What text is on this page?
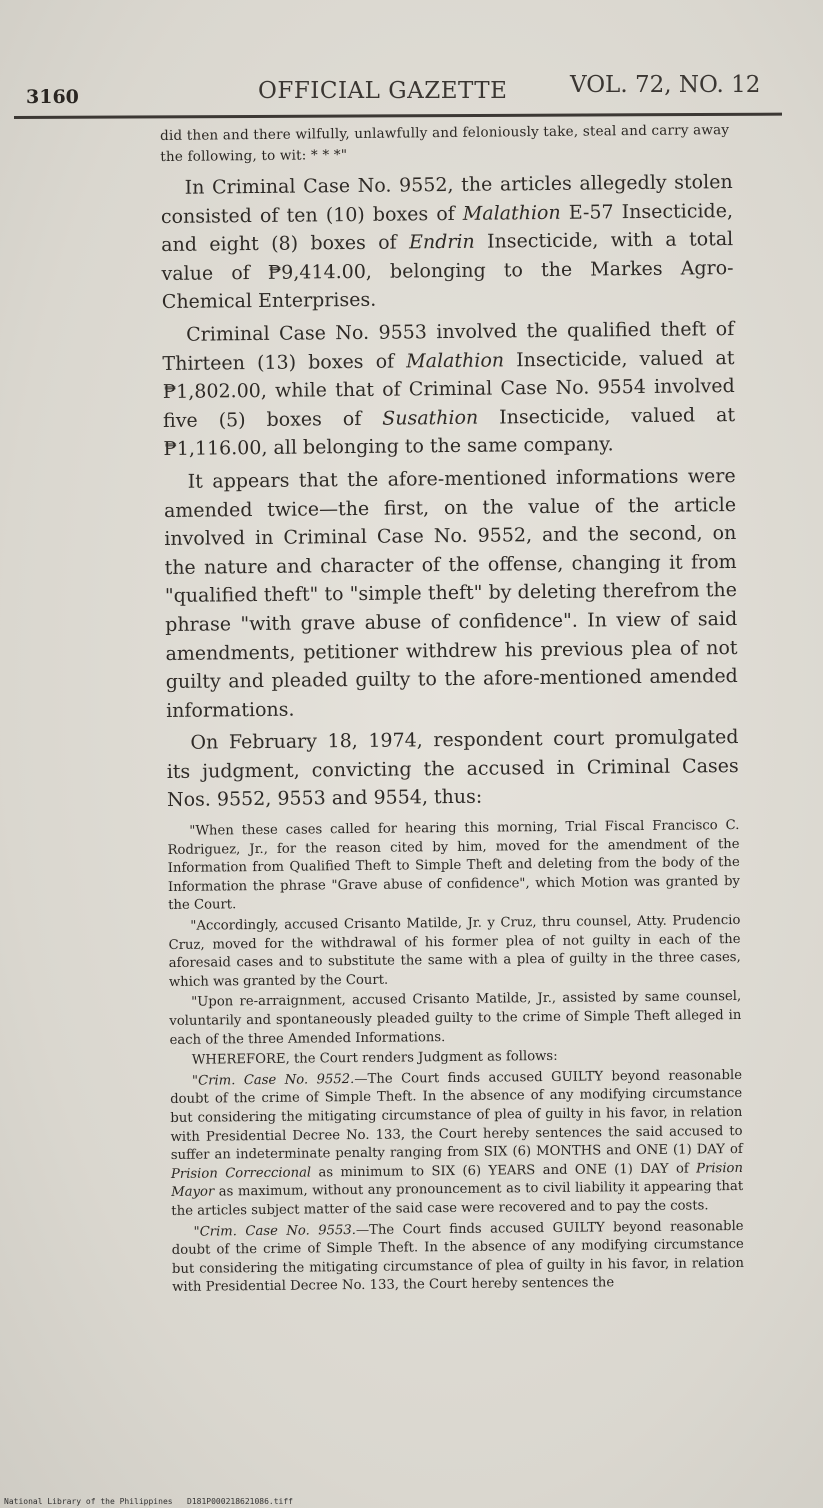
3160	OFFICIAL GAZETTE	VOL. 72, NO. 12

did then and there wilfully, unlawfully and feloniously take, steal and carry away the following, to wit: * * *"

In Criminal Case No. 9552, the articles allegedly stolen consisted of ten (10) boxes of Malathion E-57 Insecticide, and eight (8) boxes of Endrin Insecticide, with a total value of ₱9,414.00, belonging to the Markes Agro-Chemical Enterprises.

Criminal Case No. 9553 involved the qualified theft of Thirteen (13) boxes of Malathion Insecticide, valued at ₱1,802.00, while that of Criminal Case No. 9554 involved five (5) boxes of Susathion Insecticide, valued at ₱1,116.00, all belonging to the same company.

It appears that the afore-mentioned informations were amended twice—the first, on the value of the article involved in Criminal Case No. 9552, and the second, on the nature and character of the offense, changing it from "qualified theft" to "simple theft" by deleting therefrom the phrase "with grave abuse of confidence". In view of said amendments, petitioner withdrew his previous plea of not guilty and pleaded guilty to the afore-mentioned amended informations.

On February 18, 1974, respondent court promulgated its judgment, convicting the accused in Criminal Cases Nos. 9552, 9553 and 9554, thus:

"When these cases called for hearing this morning, Trial Fiscal Francisco C. Rodriguez, Jr., for the reason cited by him, moved for the amendment of the Information from Qualified Theft to Simple Theft and deleting from the body of the Information the phrase "Grave abuse of confidence", which Motion was granted by the Court.

"Accordingly, accused Crisanto Matilde, Jr. y Cruz, thru counsel, Atty. Prudencio Cruz, moved for the withdrawal of his former plea of not guilty in each of the aforesaid cases and to substitute the same with a plea of guilty in the three cases, which was granted by the Court.

"Upon re-arraignment, accused Crisanto Matilde, Jr., assisted by same counsel, voluntarily and spontaneously pleaded guilty to the crime of Simple Theft alleged in each of the three Amended Informations.

WHEREFORE, the Court renders Judgment as follows:

"Crim. Case No. 9552.—The Court finds accused GUILTY beyond reasonable doubt of the crime of Simple Theft. In the absence of any modifying circumstance but considering the mitigating circumstance of plea of guilty in his favor, in relation with Presidential Decree No. 133, the Court hereby sentences the said accused to suffer an indeterminate penalty ranging from SIX (6) MONTHS and ONE (1) DAY of Prision Correccional as minimum to SIX (6) YEARS and ONE (1) DAY of Prision Mayor as maximum, without any pronouncement as to civil liability it appearing that the articles subject matter of the said case were recovered and to pay the costs.

"Crim. Case No. 9553.—The Court finds accused GUILTY beyond reasonable doubt of the crime of Simple Theft. In the absence of any modifying circumstance but considering the mitigating circumstance of plea of guilty in his favor, in relation with Presidential Decree No. 133, the Court hereby sentences the

National Library of the Philippines D181P000218621086.tiff
